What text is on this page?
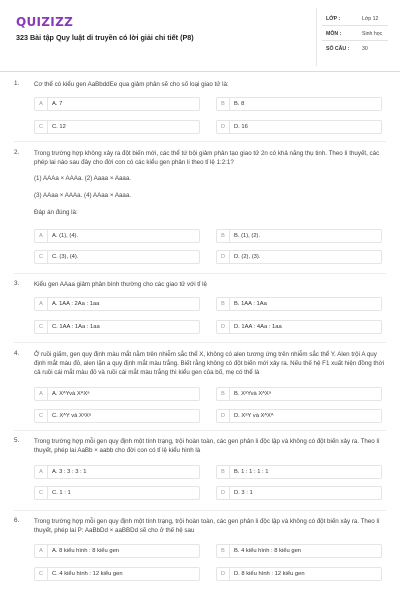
QUIZIZZ
323 Bài tập Quy luật di truyền có lời giải chi tiết (P8)
LỚP :	Lớp 12
MÔN :	Sinh học
SỐ CÂU : 30
1. Cơ thể có kiểu gen AaBbddEe qua giảm phân sẽ cho số loại giao tử là:
A	A. 7	B	B. 8
C	C. 12	D	D. 16
2. Trong trường hợp không xảy ra đột biến mới, các thể tứ bội giảm phân tạo giao tử 2n có khả năng thụ tinh. Theo lí thuyết, các phép lai nào sau đây cho đời con có các kiểu gen phân li theo tỉ lệ 1:2:1?
(1) AAAa × AAAa. (2) Aaaa × Aaaa.
(3) AAaa × AAAa. (4) AAaa × Aaaa.
Đáp án đúng là:
A	A. (1), (4).	B	B. (1), (2).
C	C. (3), (4).	D	D. (2), (3).
3. Kiểu gen AAaa giảm phân bình thường cho các giao tử với tỉ lệ
A	A. 1AA : 2Aa : 1aa	B	B. 1AA : 1Aa
C	C. 1AA : 1Aa : 1aa	D	D. 1AA : 4Aa : 1aa
4. Ở ruồi giấm, gen quy định màu mắt nằm trên nhiễm sắc thể X, không có alen tương ứng trên nhiễm sắc thể Y. Alen trội A quy định mắt màu đỏ, alen lặn a quy định mắt màu trắng. Biết rằng không có đột biến mới xảy ra. Nếu thế hệ F1 xuất hiện đồng thời cả ruồi cái mắt màu đỏ và ruồi cái mắt màu trắng thì kiểu gen của bố, mẹ có thể là
A	A. XᴬYvà XᴬXᵃ	B	B. XᵃYvà XᴬXᵃ
C	C. XᴬY và XᵃXᵃ	D	D. XᵃY và XᴬXᴬ
5. Trong trường hợp mỗi gen quy định một tính trạng, trội hoàn toàn, các gen phân li độc lập và không có đột biến xảy ra. Theo lí thuyết, phép lai AaBb × aabb cho đời con có tỉ lệ kiểu hình là
A	A. 3 : 3 : 3 : 1	B	B. 1 : 1 : 1 : 1
C	C. 1 : 1	D	D. 3 : 1
6. Trong trường hợp mỗi gen quy định một tính trạng, trội hoàn toàn, các gen phân li độc lập và không có đột biến xảy ra. Theo lí thuyết, phép lai P: AaBbDd × aaBBDd sẽ cho ở thế hệ sau
A	A. 8 kiểu hình : 8 kiểu gen	B	B. 4 kiểu hình : 8 kiểu gen
C	C. 4 kiểu hình : 12 kiểu gen	D	D. 8 kiểu hình : 12 kiểu gen
